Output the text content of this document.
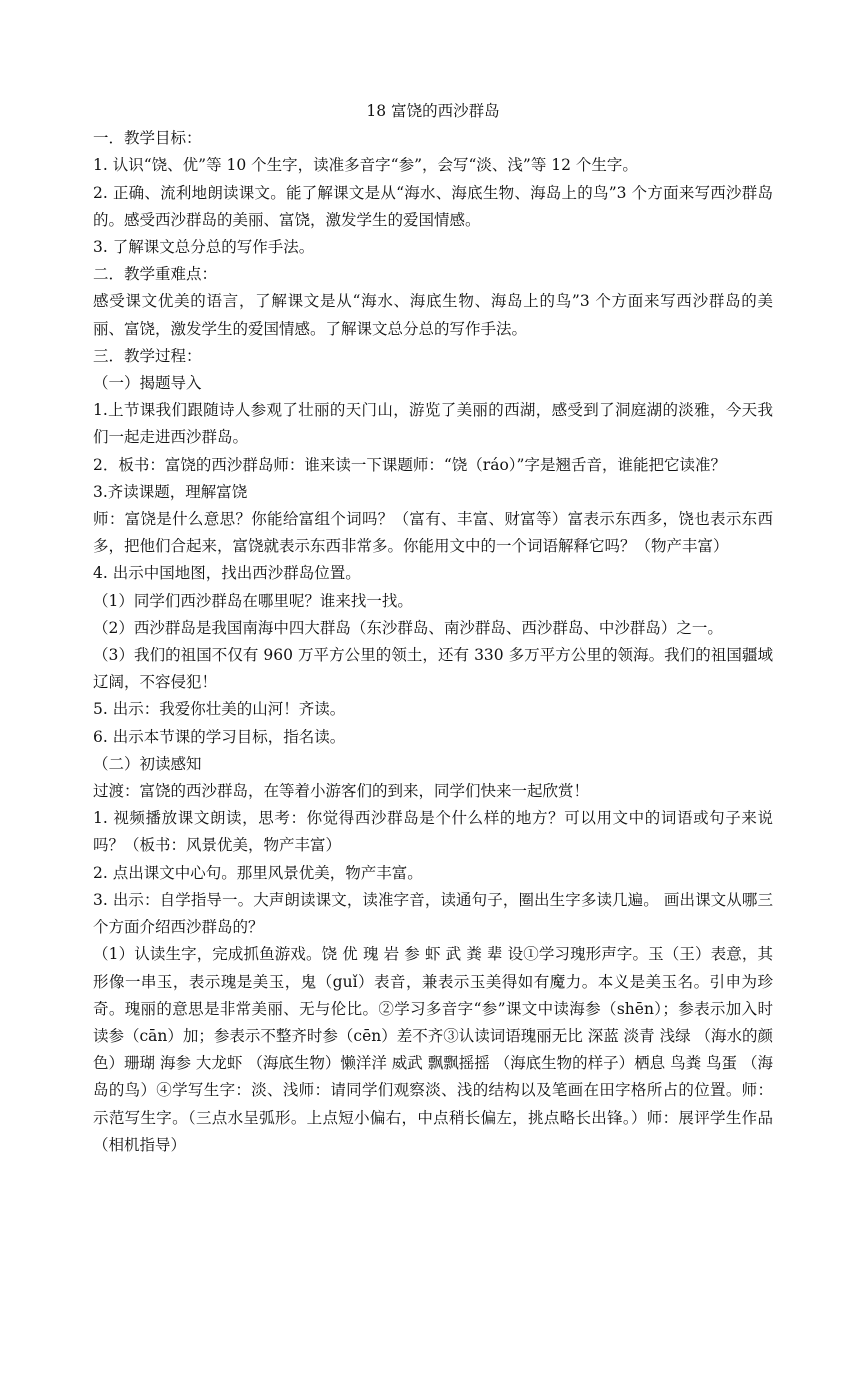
18 富饶的西沙群岛

一．教学目标：

1. 认识“饶、优”等 10 个生字，读准多音字“参”，会写“淡、浅”等 12 个生字。

2. 正确、流利地朗读课文。能了解课文是从“海水、海底生物、海岛上的鸟”3 个方面来写西沙群岛的。感受西沙群岛的美丽、富饶，激发学生的爱国情感。

3. 了解课文总分总的写作手法。

二．教学重难点：

感受课文优美的语言，了解课文是从“海水、海底生物、海岛上的鸟”3 个方面来写西沙群岛的美丽、富饶，激发学生的爱国情感。了解课文总分总的写作手法。

三．教学过程：

（一）揭题导入

1.上节课我们跟随诗人参观了壮丽的天门山，游览了美丽的西湖，感受到了洞庭湖的淡雅，今天我们一起走进西沙群岛。

2．板书：富饶的西沙群岛师：谁来读一下课题师：“饶（ráo）”字是翘舌音，谁能把它读准？

3.齐读课题，理解富饶

师：富饶是什么意思？你能给富组个词吗？（富有、丰富、财富等）富表示东西多，饶也表示东西多，把他们合起来，富饶就表示东西非常多。你能用文中的一个词语解释它吗？（物产丰富）

4. 出示中国地图，找出西沙群岛位置。

（1）同学们西沙群岛在哪里呢？谁来找一找。

（2）西沙群岛是我国南海中四大群岛（东沙群岛、南沙群岛、西沙群岛、中沙群岛）之一。

（3）我们的祖国不仅有 960 万平方公里的领土，还有 330 多万平方公里的领海。我们的祖国疆域辽阔，不容侵犯！

5. 出示：我爱你壮美的山河！齐读。

6. 出示本节课的学习目标，指名读。

（二）初读感知

过渡：富饶的西沙群岛，在等着小游客们的到来，同学们快来一起欣赏！

1. 视频播放课文朗读，思考：你觉得西沙群岛是个什么样的地方？可以用文中的词语或句子来说吗？（板书：风景优美，物产丰富）

2. 点出课文中心句。那里风景优美，物产丰富。

3. 出示：自学指导一。大声朗读课文，读准字音，读通句子，圈出生字多读几遍。 画出课文从哪三个方面介绍西沙群岛的？

（1）认读生字，完成抓鱼游戏。饶 优 瑰 岩 参 虾 武 粪 辈 设①学习瑰形声字。玉（王）表意，其形像一串玉，表示瑰是美玉，鬼（guǐ）表音，兼表示玉美得如有魔力。本义是美玉名。引申为珍奇。瑰丽的意思是非常美丽、无与伦比。②学习多音字“参”课文中读海参（shēn）；参表示加入时读参（cān）加；参表示不整齐时参（cēn）差不齐③认读词语瑰丽无比 深蓝 淡青 浅绿 （海水的颜色）珊瑚 海参 大龙虾 （海底生物）懒洋洋 威武 飘飘摇摇 （海底生物的样子）栖息 鸟粪 鸟蛋 （海岛的鸟）④学写生字：淡、浅师：请同学们观察淡、浅的结构以及笔画在田字格所占的位置。师：示范写生字。（三点水呈弧形。上点短小偏右，中点稍长偏左，挑点略长出锋。）师：展评学生作品（相机指导）
